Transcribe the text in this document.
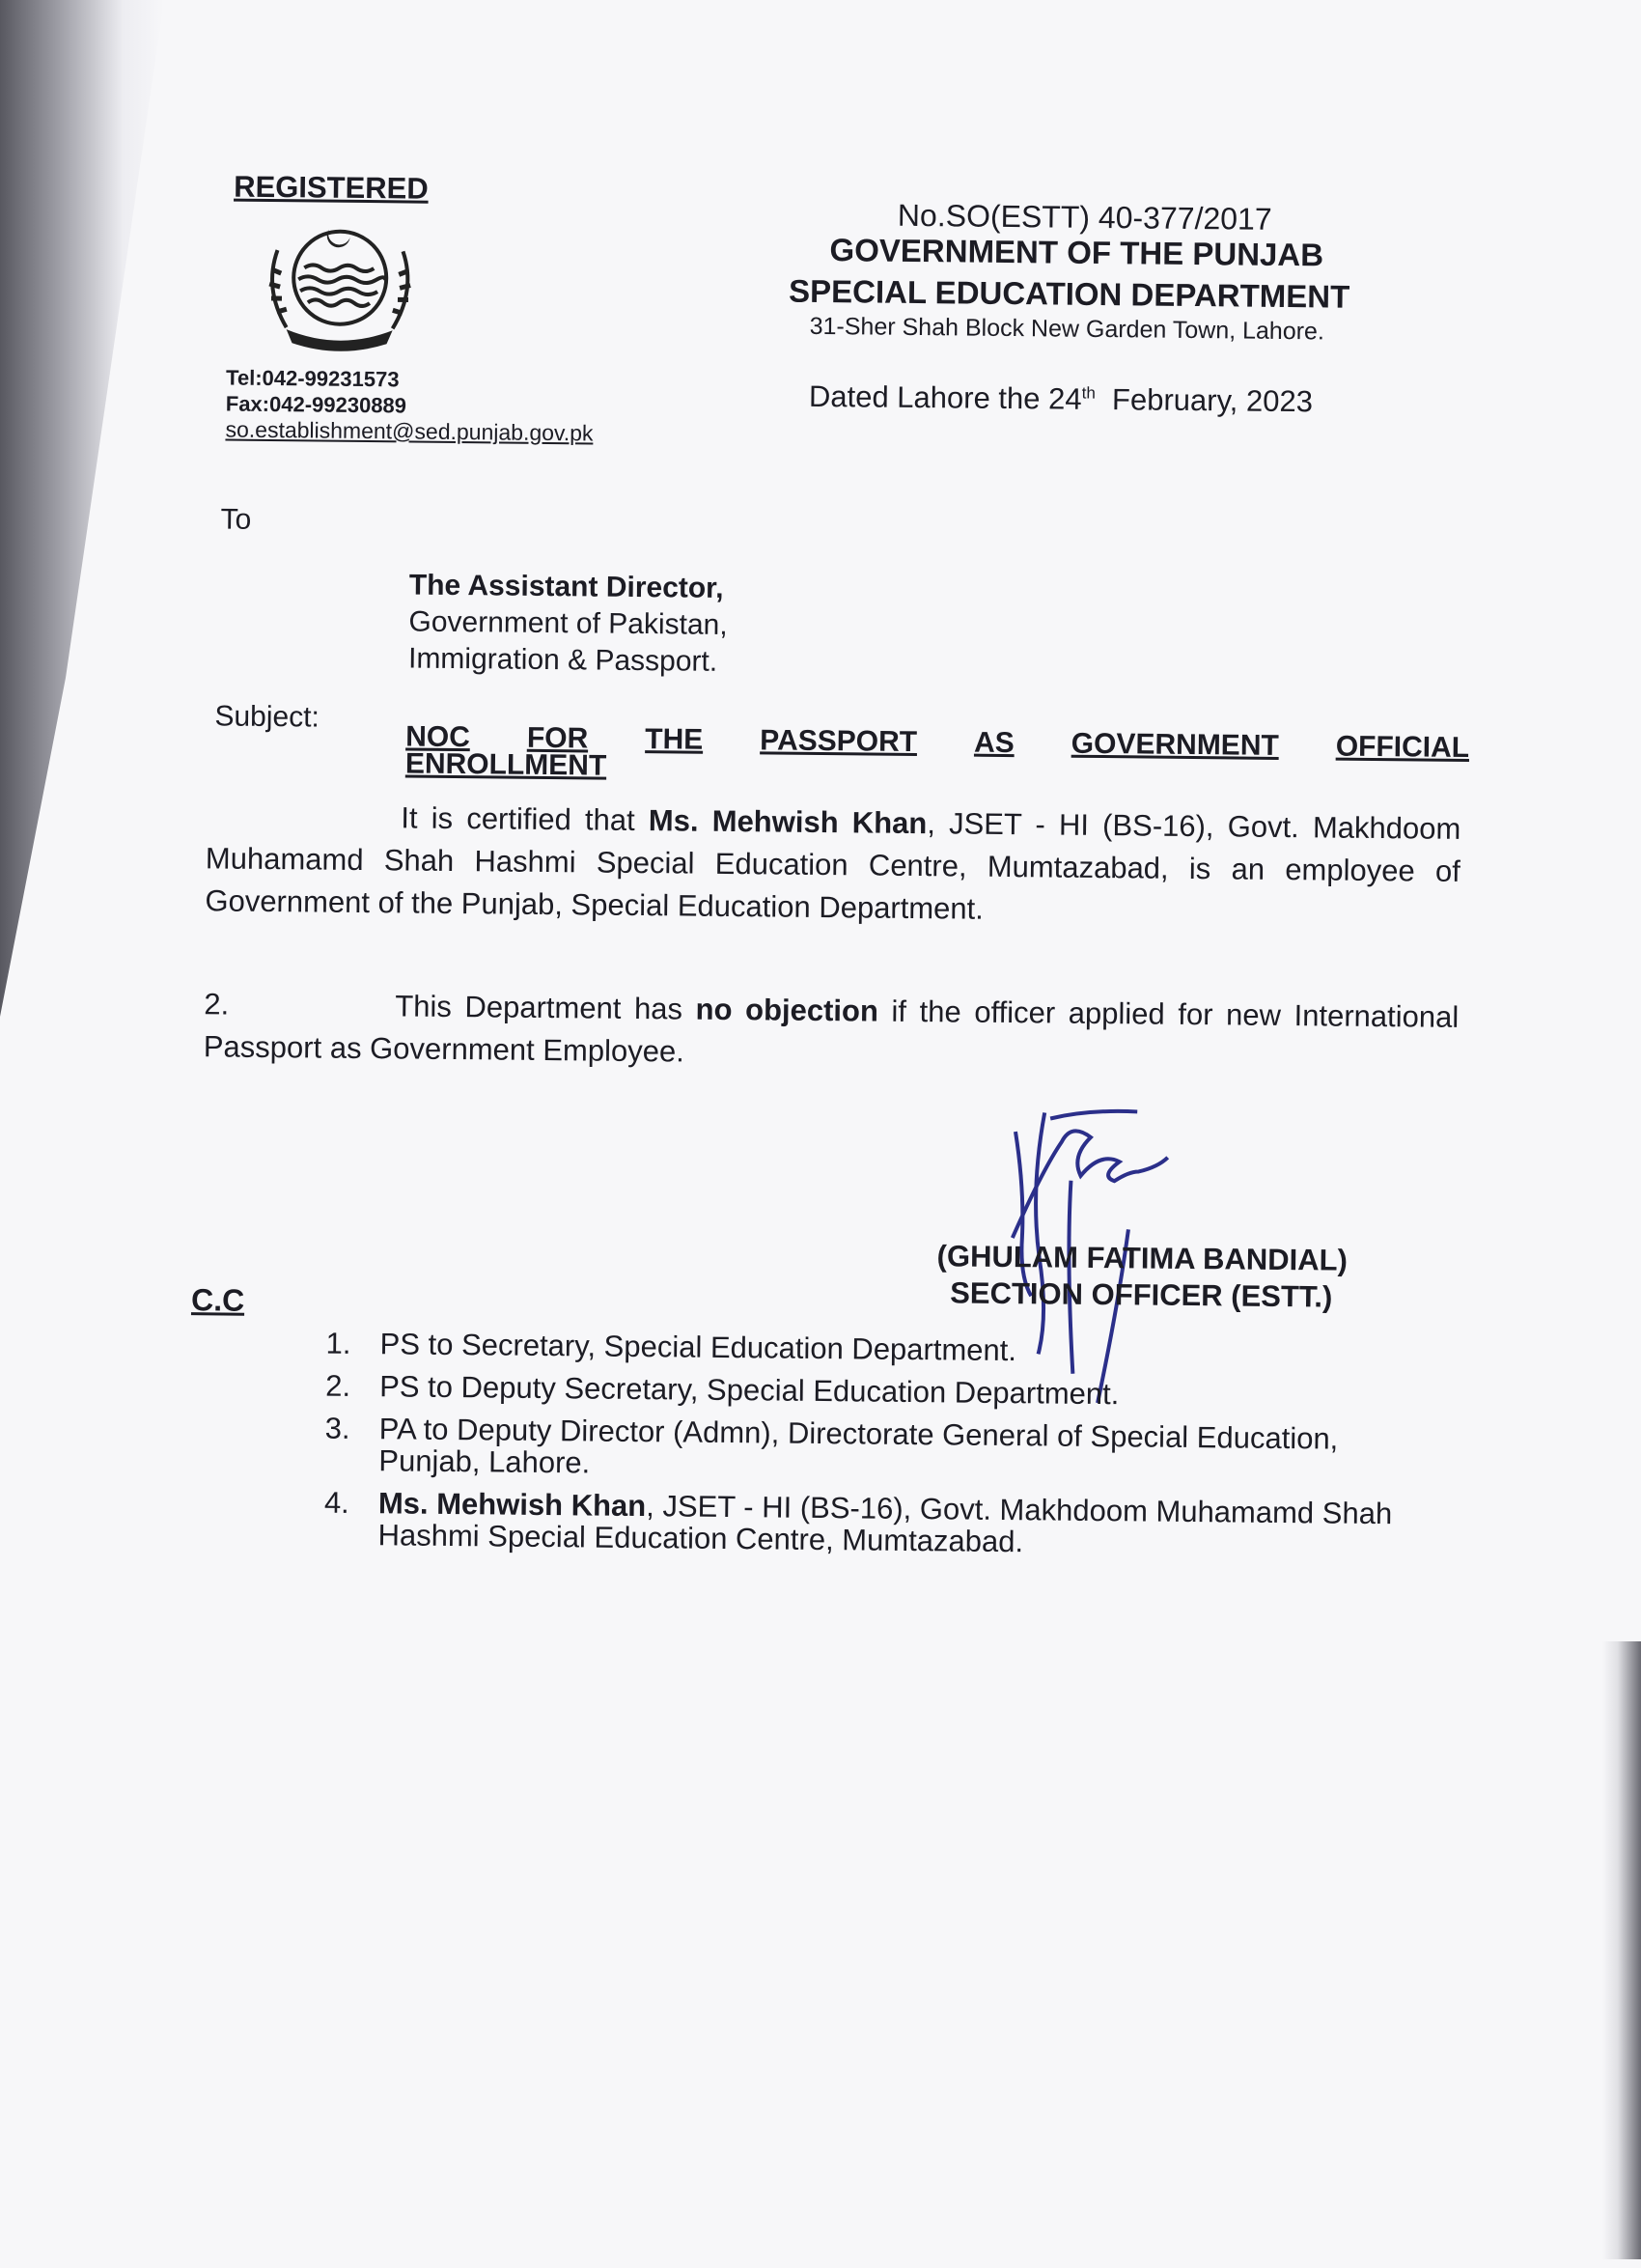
REGISTERED
Tel:042-99231573
Fax:042-99230889
so.establishment@sed.punjab.gov.pk
No.SO(ESTT) 40-377/2017
GOVERNMENT OF THE PUNJAB
SPECIAL EDUCATION DEPARTMENT
31-Sher Shah Block New Garden Town, Lahore.
Dated Lahore the 24th February, 2023
To
The Assistant Director,
Government of Pakistan,
Immigration & Passport.
Subject:
NOC FOR THE PASSPORT AS GOVERNMENT OFFICIAL
ENROLLMENT
It is certified that Ms. Mehwish Khan, JSET - HI (BS-16), Govt. Makhdoom Muhamamd Shah Hashmi Special Education Centre, Mumtazabad, is an employee of Government of the Punjab, Special Education Department.
2.	This Department has no objection if the officer applied for new International Passport as Government Employee.
(GHULAM FATIMA BANDIAL)
SECTION OFFICER (ESTT.)
C.C
1. PS to Secretary, Special Education Department.
2. PS to Deputy Secretary, Special Education Department.
3. PA to Deputy Director (Admn), Directorate General of Special Education, Punjab, Lahore.
4. Ms. Mehwish Khan, JSET - HI (BS-16), Govt. Makhdoom Muhamamd Shah Hashmi Special Education Centre, Mumtazabad.
